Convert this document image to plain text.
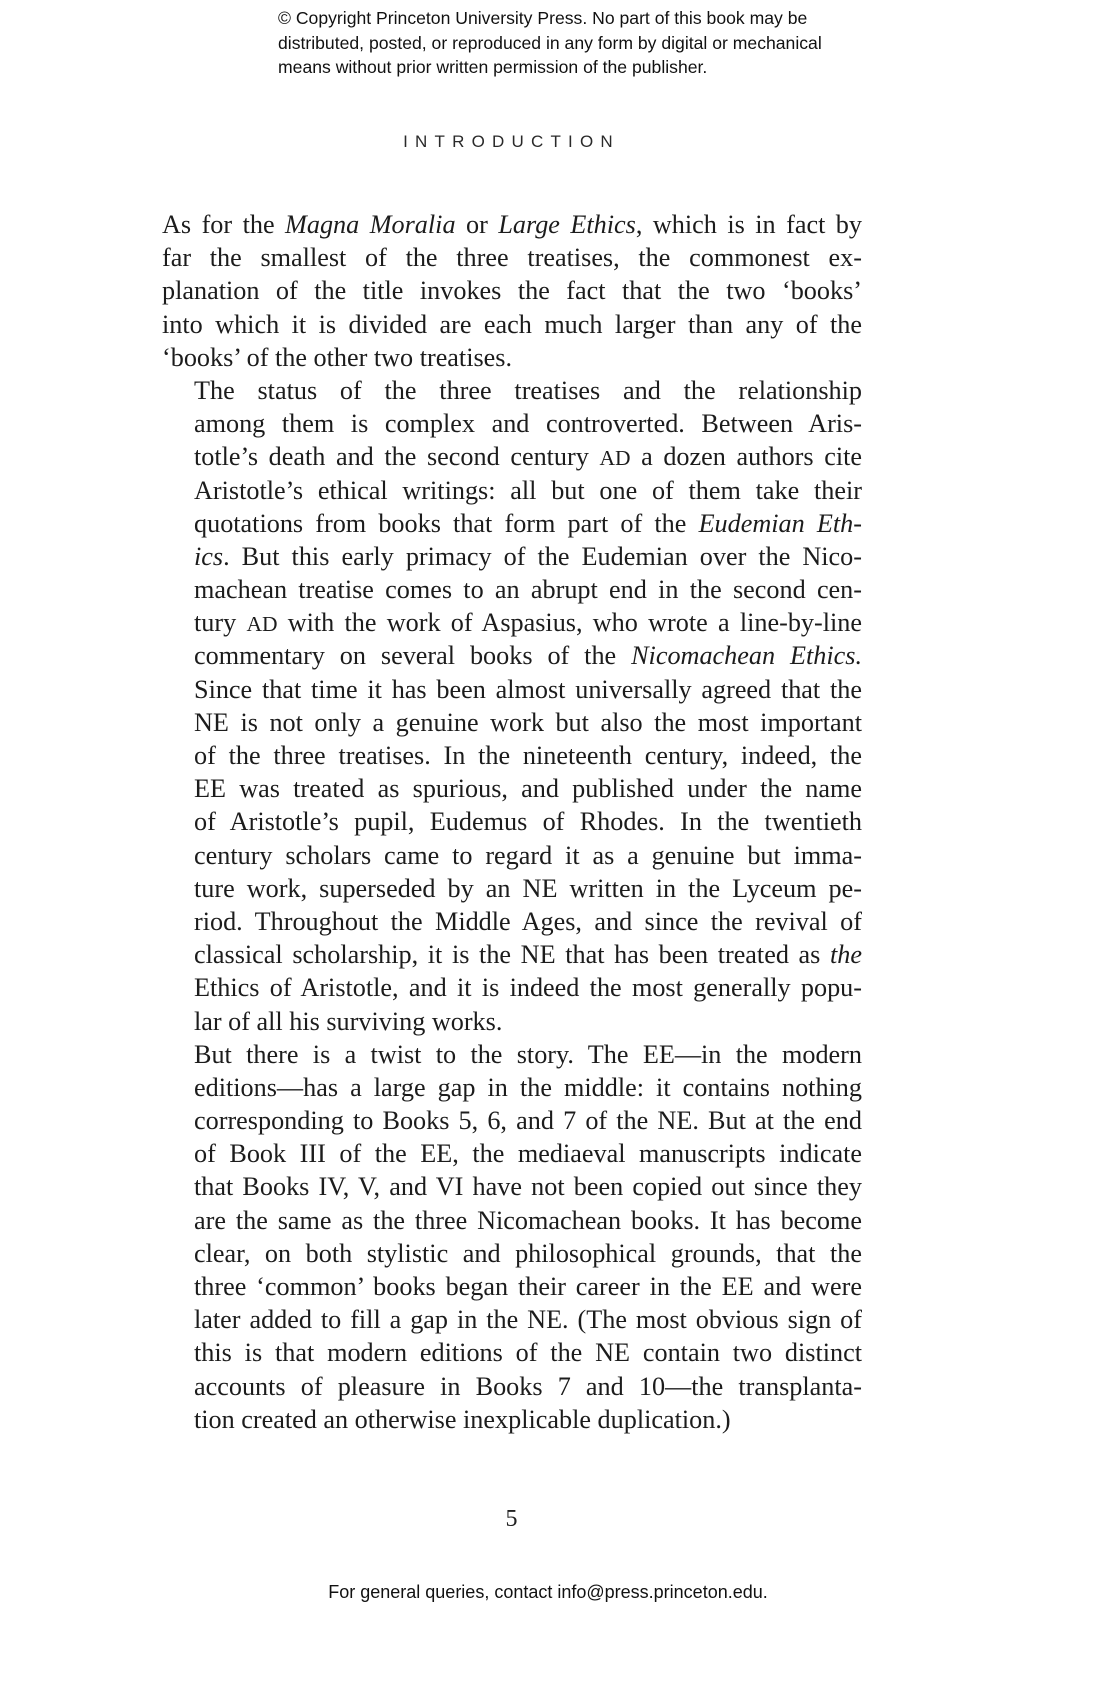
© Copyright Princeton University Press. No part of this book may be
distributed, posted, or reproduced in any form by digital or mechanical
means without prior written permission of the publisher.
INTRODUCTION

As for the Magna Moralia or Large Ethics, which is in fact by
far the smallest of the three treatises, the commonest ex-
planation of the title invokes the fact that the two ‘books’
into which it is divided are each much larger than any of the
‘books’ of the other two treatises.

The status of the three treatises and the relationship
among them is complex and controverted. Between Aris-
totle’s death and the second century AD a dozen authors cite
Aristotle’s ethical writings: all but one of them take their
quotations from books that form part of the Eudemian Eth-
ics. But this early primacy of the Eudemian over the Nico-
machean treatise comes to an abrupt end in the second cen-
tury AD with the work of Aspasius, who wrote a line-by-line
commentary on several books of the Nicomachean Ethics.
Since that time it has been almost universally agreed that the
NE is not only a genuine work but also the most important
of the three treatises. In the nineteenth century, indeed, the
EE was treated as spurious, and published under the name
of Aristotle’s pupil, Eudemus of Rhodes. In the twentieth
century scholars came to regard it as a genuine but imma-
ture work, superseded by an NE written in the Lyceum pe-
riod. Throughout the Middle Ages, and since the revival of
classical scholarship, it is the NE that has been treated as the
Ethics of Aristotle, and it is indeed the most generally popu-
lar of all his surviving works.

But there is a twist to the story. The EE—in the modern
editions—has a large gap in the middle: it contains nothing
corresponding to Books 5, 6, and 7 of the NE. But at the end
of Book III of the EE, the mediaeval manuscripts indicate
that Books IV, V, and VI have not been copied out since they
are the same as the three Nicomachean books. It has become
clear, on both stylistic and philosophical grounds, that the
three ‘common’ books began their career in the EE and were
later added to fill a gap in the NE. (The most obvious sign of
this is that modern editions of the NE contain two distinct
accounts of pleasure in Books 7 and 10—the transplanta-
tion created an otherwise inexplicable duplication.)

5
For general queries, contact info@press.princeton.edu.
